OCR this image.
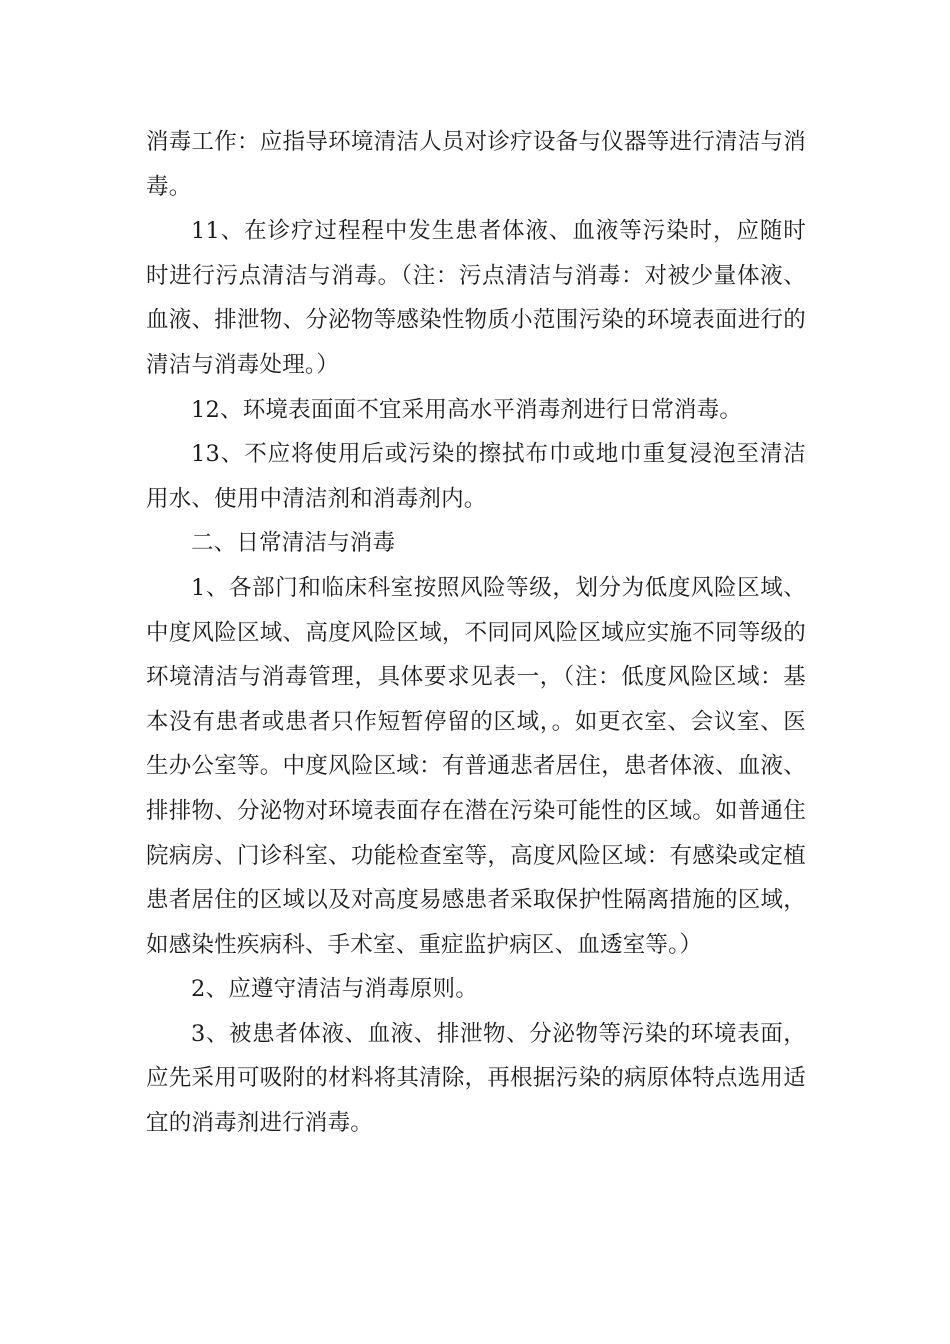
消毒工作：应指导环境清洁人员对诊疗设备与仪器等进行清洁与消毒。

11、在诊疗过程程中发生患者体液、血液等污染时，应随时时进行污点清洁与消毒。（注：污点清洁与消毒：对被少量体液、血液、排泄物、分泌物等感染性物质小范围污染的环境表面进行的清洁与消毒处理。）

12、环境表面面不宜采用高水平消毒剂进行日常消毒。

13、不应将使用后或污染的擦拭布巾或地巾重复浸泡至清洁用水、使用中清洁剂和消毒剂内。

二、日常清洁与消毒

1、各部门和临床科室按照风险等级，划分为低度风险区域、中度风险区域、高度风险区域，不同同风险区域应实施不同等级的环境清洁与消毒管理，具体要求见表一，（注：低度风险区域：基本没有患者或患者只作短暂停留的区域，。如更衣室、会议室、医生办公室等。中度风险区域：有普通悲者居住，患者体液、血液、排排物、分泌物对环境表面存在潜在污染可能性的区域。如普通住院病房、门诊科室、功能检查室等，高度风险区域：有感染或定植患者居住的区域以及对高度易感患者采取保护性隔离措施的区域，如感染性疾病科、手术室、重症监护病区、血透室等。）

2、应遵守清洁与消毒原则。

3、被患者体液、血液、排泄物、分泌物等污染的环境表面，应先采用可吸附的材料将其清除，再根据污染的病原体特点选用适宜的消毒剂进行消毒。
